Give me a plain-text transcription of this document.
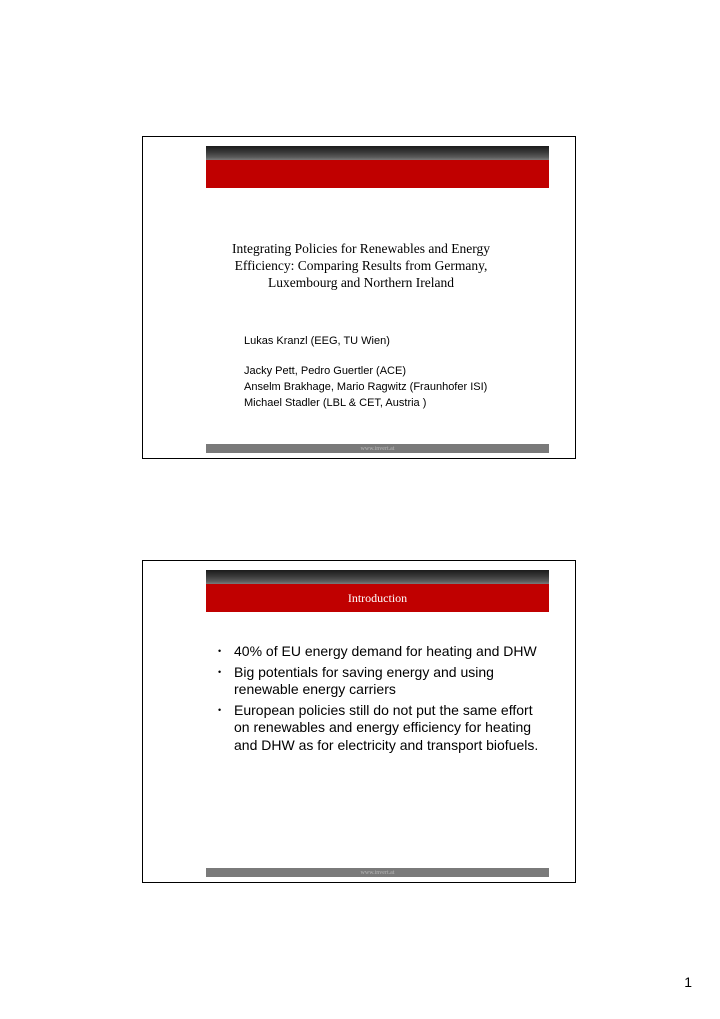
Integrating Policies for Renewables and Energy Efficiency: Comparing Results from Germany, Luxembourg and Northern Ireland
Lukas Kranzl (EEG, TU Wien)
Jacky Pett, Pedro Guertler (ACE)
Anselm Brakhage, Mario Ragwitz (Fraunhofer ISI)
Michael Stadler (LBL & CET, Austria )
www.invert.at
Introduction
• 40% of EU energy demand for heating and DHW
• Big potentials for saving energy and using renewable energy carriers
• European policies still do not put the same effort on renewables and energy efficiency for heating and DHW as for electricity and transport biofuels.
www.invert.at
1
